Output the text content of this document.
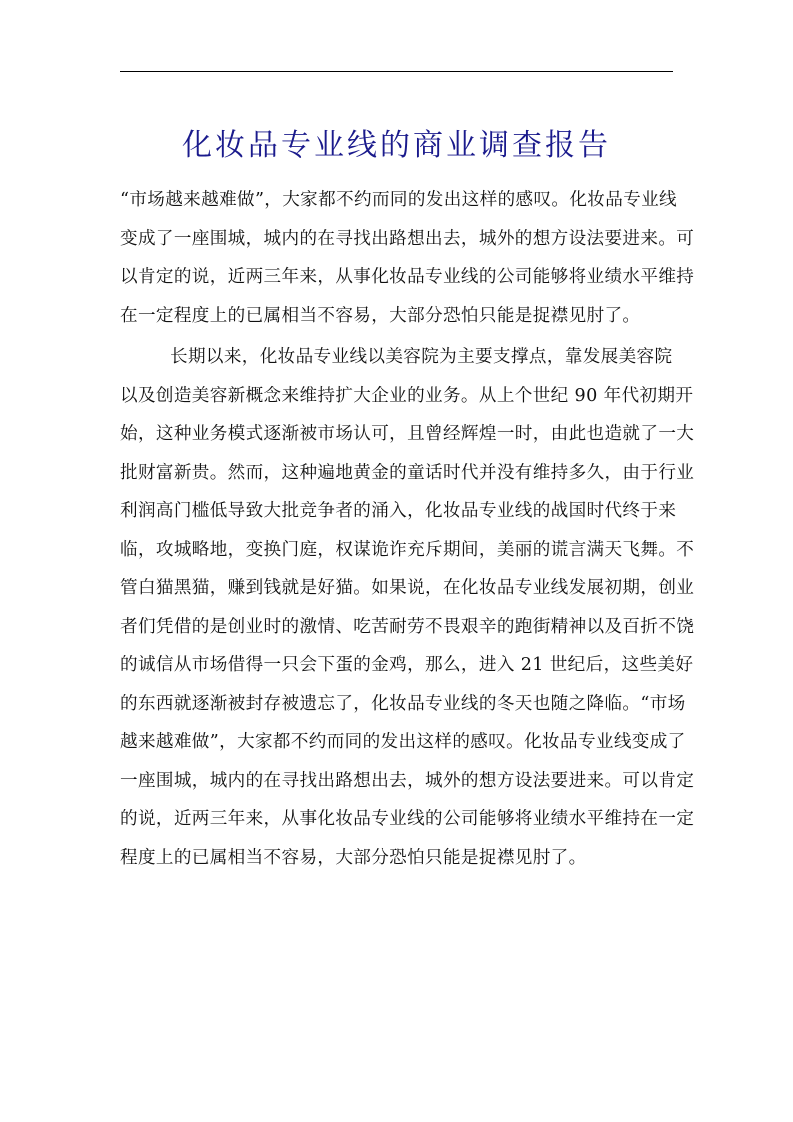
化妆品专业线的商业调查报告
“市场越来越难做”，大家都不约而同的发出这样的感叹。化妆品专业线
变成了一座围城，城内的在寻找出路想出去，城外的想方设法要进来。可
以肯定的说，近两三年来，从事化妆品专业线的公司能够将业绩水平维持
在一定程度上的已属相当不容易，大部分恐怕只能是捉襟见肘了。
长期以来，化妆品专业线以美容院为主要支撑点，靠发展美容院
以及创造美容新概念来维持扩大企业的业务。从上个世纪 90 年代初期开
始，这种业务模式逐渐被市场认可，且曾经辉煌一时，由此也造就了一大
批财富新贵。然而，这种遍地黄金的童话时代并没有维持多久，由于行业
利润高门槛低导致大批竞争者的涌入，化妆品专业线的战国时代终于来
临，攻城略地，变换门庭，权谋诡诈充斥期间，美丽的谎言满天飞舞。不
管白猫黑猫，赚到钱就是好猫。如果说，在化妆品专业线发展初期，创业
者们凭借的是创业时的激情、吃苦耐劳不畏艰辛的跑街精神以及百折不饶
的诚信从市场借得一只会下蛋的金鸡，那么，进入 21 世纪后，这些美好
的东西就逐渐被封存被遗忘了，化妆品专业线的冬天也随之降临。“市场
越来越难做”，大家都不约而同的发出这样的感叹。化妆品专业线变成了
一座围城，城内的在寻找出路想出去，城外的想方设法要进来。可以肯定
的说，近两三年来，从事化妆品专业线的公司能够将业绩水平维持在一定
程度上的已属相当不容易，大部分恐怕只能是捉襟见肘了。
